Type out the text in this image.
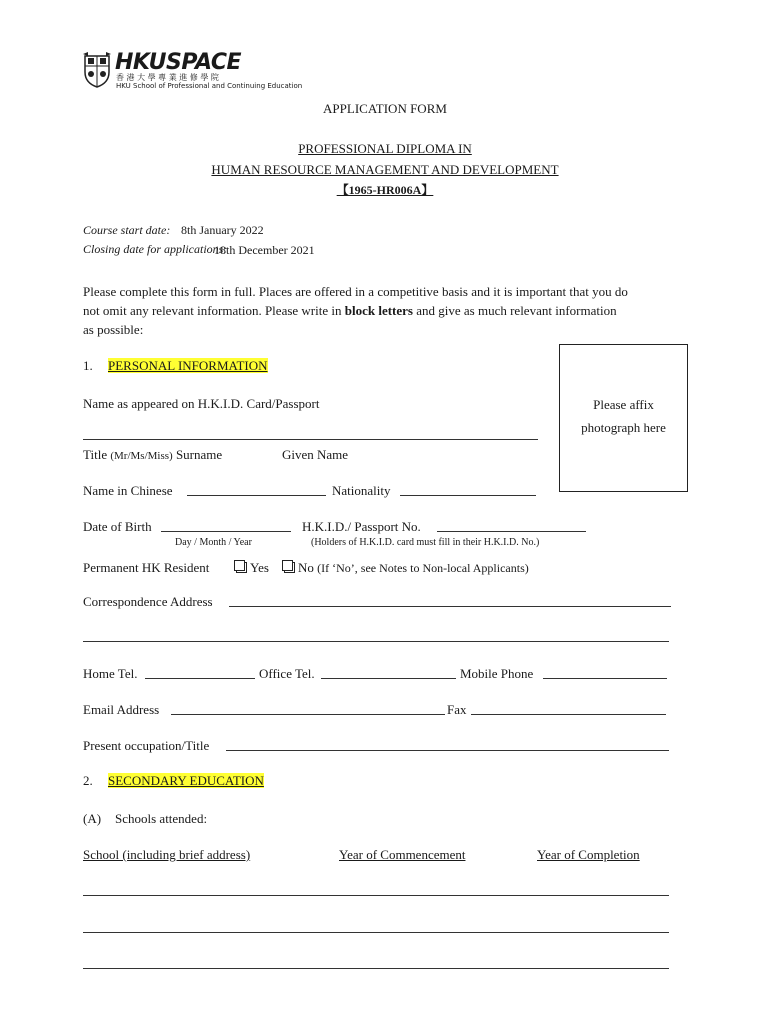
HKUSPACE
香 港 大 學 專 業 進 修 學 院
HKU School of Professional and Continuing Education
APPLICATION FORM
PROFESSIONAL DIPLOMA IN
HUMAN RESOURCE MANAGEMENT AND DEVELOPMENT
【1965-HR006A】
Course start date: 8th January 2022
Closing date for applications:
18th December 2021
Please complete this form in full. Places are offered in a competitive basis and it is important that you do
not omit any relevant information. Please write in block letters and give as much relevant information
as possible:
Please affix
photograph here
1. PERSONAL INFORMATION
Name as appeared on H.K.I.D. Card/Passport
Title (Mr/Ms/Miss) Surname	Given Name
Name in Chinese	Nationality
Date of Birth
Day / Month / Year
H.K.I.D./ Passport No.
(Holders of H.K.I.D. card must fill in their H.K.I.D. No.)
Permanent HK Resident	Yes	No (If ‘No’, see Notes to Non-local Applicants)
Correspondence Address
Home Tel.	Office Tel.	Mobile Phone
Email Address	Fax
Present occupation/Title
2. SECONDARY EDUCATION
(A) Schools attended:
School (including brief address)	Year of Commencement	Year of Completion
